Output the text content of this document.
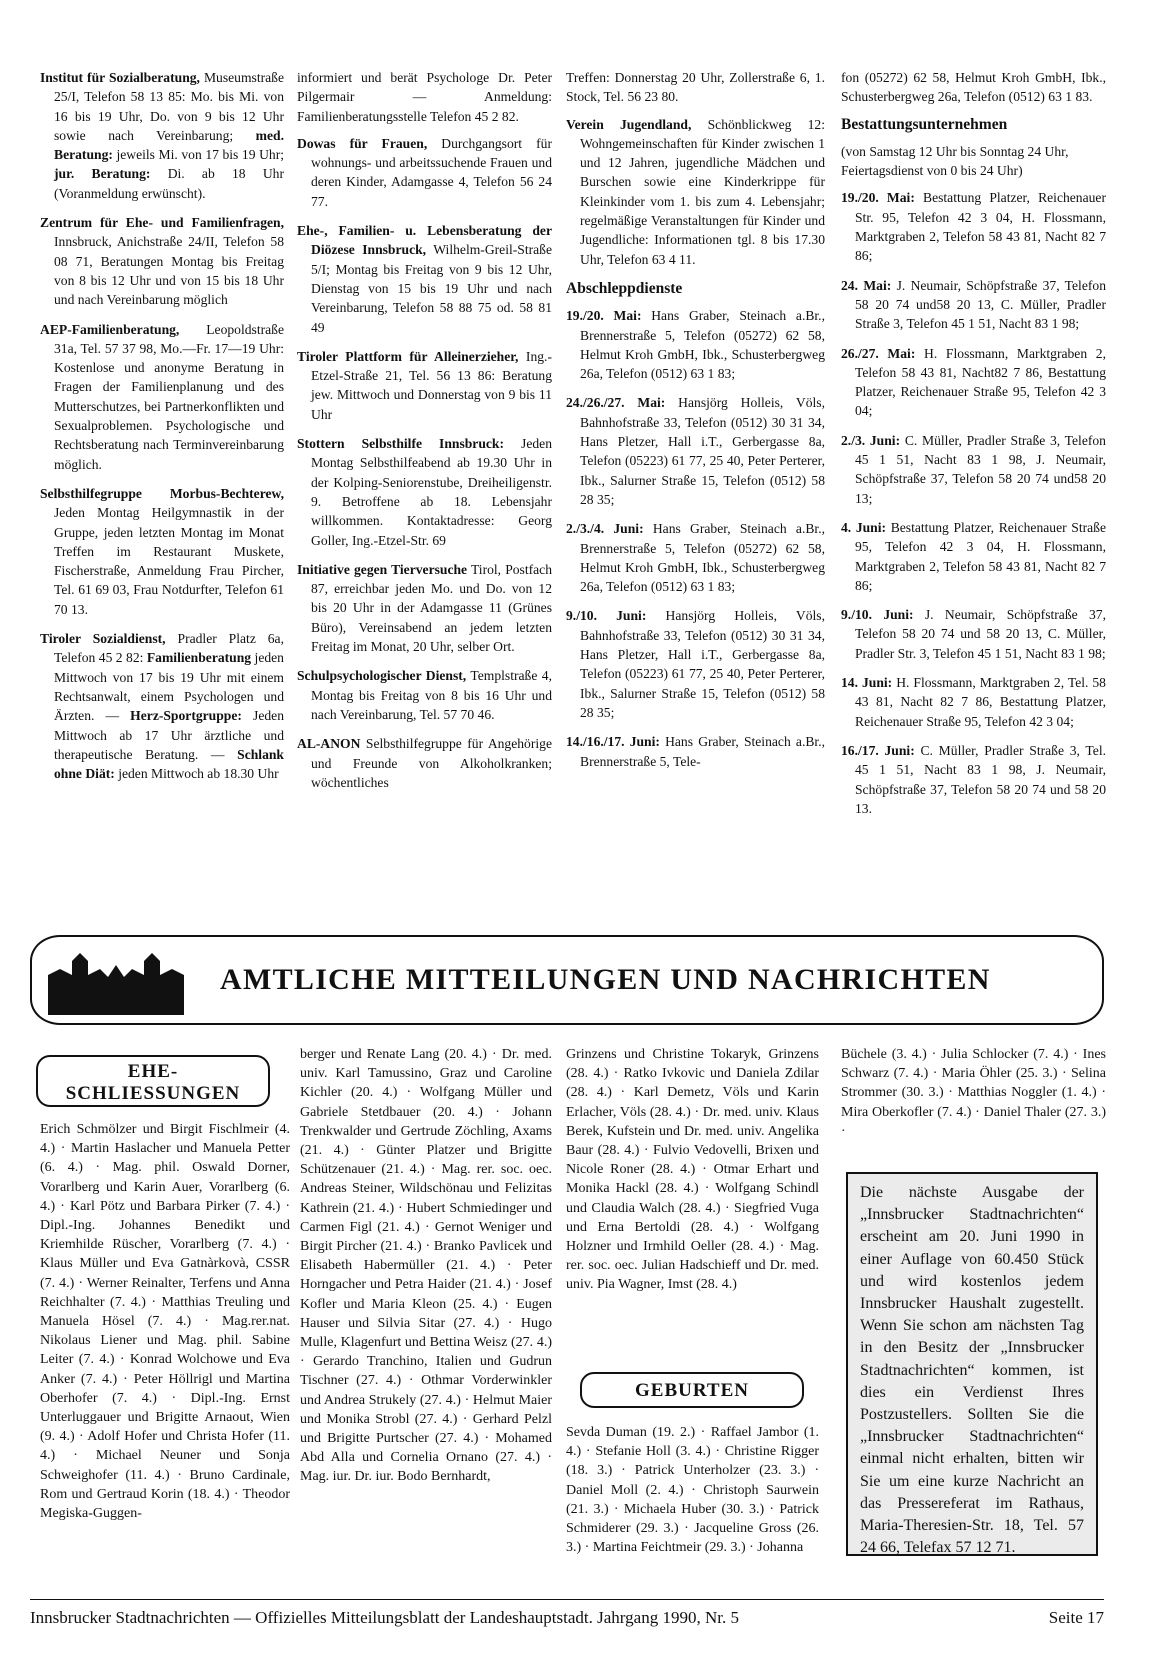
Institut für Sozialberatung, Museumstraße 25/I, Telefon 58 13 85: Mo. bis Mi. von 16 bis 19 Uhr, Do. von 9 bis 12 Uhr sowie nach Vereinbarung; med. Beratung: jeweils Mi. von 17 bis 19 Uhr; jur. Beratung: Di. ab 18 Uhr (Voranmeldung erwünscht).

Zentrum für Ehe- und Familienfragen, Innsbruck, Anichstraße 24/II, Telefon 58 08 71, Beratungen Montag bis Freitag von 8 bis 12 Uhr und von 15 bis 18 Uhr und nach Vereinbarung möglich

AEP-Familienberatung, Leopoldstraße 31a, Tel. 57 37 98, Mo.—Fr. 17—19 Uhr: Kostenlose und anonyme Beratung in Fragen der Familienplanung und des Mutterschutzes, bei Partnerkonflikten und Sexualproblemen. Psychologische und Rechtsberatung nach Terminvereinbarung möglich.

Selbsthilfegruppe Morbus-Bechterew, Jeden Montag Heilgymnastik in der Gruppe, jeden letzten Montag im Monat Treffen im Restaurant Muskete, Fischerstraße, Anmeldung Frau Pircher, Tel. 61 69 03, Frau Notdurfter, Telefon 61 70 13.

Tiroler Sozialdienst, Pradler Platz 6a, Telefon 45 2 82: Familienberatung jeden Mittwoch von 17 bis 19 Uhr mit einem Rechtsanwalt, einem Psychologen und Ärzten. — Herz-Sportgruppe: Jeden Mittwoch ab 17 Uhr ärztliche und therapeutische Beratung. — Schlank ohne Diät: jeden Mittwoch ab 18.30 Uhr

informiert und berät Psychologe Dr. Peter Pilgermair — Anmeldung: Familienberatungsstelle Telefon 45 2 82.

Dowas für Frauen, Durchgangsort für wohnungs- und arbeitssuchende Frauen und deren Kinder, Adamgasse 4, Telefon 56 24 77.

Ehe-, Familien- u. Lebensberatung der Diözese Innsbruck, Wilhelm-Greil-Straße 5/I; Montag bis Freitag von 9 bis 12 Uhr, Dienstag von 15 bis 19 Uhr und nach Vereinbarung, Telefon 58 88 75 od. 58 81 49

Tiroler Plattform für Alleinerzieher, Ing.-Etzel-Straße 21, Tel. 56 13 86: Beratung jew. Mittwoch und Donnerstag von 9 bis 11 Uhr

Stottern Selbsthilfe Innsbruck: Jeden Montag Selbsthilfeabend ab 19.30 Uhr in der Kolping-Seniorenstube, Dreiheiligenstr. 9. Betroffene ab 18. Lebensjahr willkommen. Kontaktadresse: Georg Goller, Ing.-Etzel-Str. 69

Initiative gegen Tierversuche Tirol, Postfach 87, erreichbar jeden Mo. und Do. von 12 bis 20 Uhr in der Adamgasse 11 (Grünes Büro), Vereinsabend an jedem letzten Freitag im Monat, 20 Uhr, selber Ort.

Schulpsychologischer Dienst, Templstraße 4, Montag bis Freitag von 8 bis 16 Uhr und nach Vereinbarung, Tel. 57 70 46.

AL-ANON Selbsthilfegruppe für Angehörige und Freunde von Alkoholkranken; wöchentliches

Treffen: Donnerstag 20 Uhr, Zollerstraße 6, 1. Stock, Tel. 56 23 80.

Verein Jugendland, Schönblickweg 12: Wohngemeinschaften für Kinder zwischen 1 und 12 Jahren, jugendliche Mädchen und Burschen sowie eine Kinderkrippe für Kleinkinder vom 1. bis zum 4. Lebensjahr; regelmäßige Veranstaltungen für Kinder und Jugendliche: Informationen tgl. 8 bis 17.30 Uhr, Telefon 63 4 11.

Abschleppdienste

19./20. Mai: Hans Graber, Steinach a.Br., Brennerstraße 5, Telefon (05272) 62 58, Helmut Kroh GmbH, Ibk., Schusterbergweg 26a, Telefon (0512) 63 1 83;

24./26./27. Mai: Hansjörg Holleis, Völs, Bahnhofstraße 33, Telefon (0512) 30 31 34, Hans Pletzer, Hall i.T., Gerbergasse 8a, Telefon (05223) 61 77, 25 40, Peter Perterer, Ibk., Salurner Straße 15, Telefon (0512) 58 28 35;

2./3./4. Juni: Hans Graber, Steinach a.Br., Brennerstraße 5, Telefon (05272) 62 58, Helmut Kroh GmbH, Ibk., Schusterbergweg 26a, Telefon (0512) 63 1 83;

9./10. Juni: Hansjörg Holleis, Völs, Bahnhofstraße 33, Telefon (0512) 30 31 34, Hans Pletzer, Hall i.T., Gerbergasse 8a, Telefon (05223) 61 77, 25 40, Peter Perterer, Ibk., Salurner Straße 15, Telefon (0512) 58 28 35;

14./16./17. Juni: Hans Graber, Steinach a.Br., Brennerstraße 5, Tele-

fon (05272) 62 58, Helmut Kroh GmbH, Ibk., Schusterbergweg 26a, Telefon (0512) 63 1 83.

Bestattungsunternehmen

(von Samstag 12 Uhr bis Sonntag 24 Uhr, Feiertagsdienst von 0 bis 24 Uhr)

19./20. Mai: Bestattung Platzer, Reichenauer Str. 95, Telefon 42 3 04, H. Flossmann, Marktgraben 2, Telefon 58 43 81, Nacht 82 7 86;

24. Mai: J. Neumair, Schöpfstraße 37, Telefon 58 20 74 und58 20 13, C. Müller, Pradler Straße 3, Telefon 45 1 51, Nacht 83 1 98;

26./27. Mai: H. Flossmann, Marktgraben 2, Telefon 58 43 81, Nacht82 7 86, Bestattung Platzer, Reichenauer Straße 95, Telefon 42 3 04;

2./3. Juni: C. Müller, Pradler Straße 3, Telefon 45 1 51, Nacht 83 1 98, J. Neumair, Schöpfstraße 37, Telefon 58 20 74 und58 20 13;

4. Juni: Bestattung Platzer, Reichenauer Straße 95, Telefon 42 3 04, H. Flossmann, Marktgraben 2, Telefon 58 43 81, Nacht 82 7 86;

9./10. Juni: J. Neumair, Schöpfstraße 37, Telefon 58 20 74 und 58 20 13, C. Müller, Pradler Str. 3, Telefon 45 1 51, Nacht 83 1 98;

14. Juni: H. Flossmann, Marktgraben 2, Tel. 58 43 81, Nacht 82 7 86, Bestattung Platzer, Reichenauer Straße 95, Telefon 42 3 04;

16./17. Juni: C. Müller, Pradler Straße 3, Tel. 45 1 51, Nacht 83 1 98, J. Neumair, Schöpfstraße 37, Telefon 58 20 74 und 58 20 13.

AMTLICHE MITTEILUNGEN UND NACHRICHTEN
EHE-
SCHLIESSUNGEN

Erich Schmölzer und Birgit Fischlmeir (4. 4.) · Martin Haslacher und Manuela Petter (6. 4.) · Mag. phil. Oswald Dorner, Vorarlberg und Karin Auer, Vorarlberg (6. 4.) · Karl Pötz und Barbara Pirker (7. 4.) · Dipl.-Ing. Johannes Benedikt und Kriemhilde Rüscher, Vorarlberg (7. 4.) · Klaus Müller und Eva Gatnàrkovà, CSSR (7. 4.) · Werner Reinalter, Terfens und Anna Reichhalter (7. 4.) · Matthias Treuling und Manuela Hösel (7. 4.) · Mag.rer.nat. Nikolaus Liener und Mag. phil. Sabine Leiter (7. 4.) · Konrad Wolchowe und Eva Anker (7. 4.) · Peter Höllrigl und Martina Oberhofer (7. 4.) · Dipl.-Ing. Ernst Unterluggauer und Brigitte Arnaout, Wien (9. 4.) · Adolf Hofer und Christa Hofer (11. 4.) · Michael Neuner und Sonja Schweighofer (11. 4.) · Bruno Cardinale, Rom und Gertraud Korin (18. 4.) · Theodor Megiska-Guggen-

berger und Renate Lang (20. 4.) · Dr. med. univ. Karl Tamussino, Graz und Caroline Kichler (20. 4.) · Wolfgang Müller und Gabriele Stetdbauer (20. 4.) · Johann Trenkwalder und Gertrude Zöchling, Axams (21. 4.) · Günter Platzer und Brigitte Schützenauer (21. 4.) · Mag. rer. soc. oec. Andreas Steiner, Wildschönau und Felizitas Kathrein (21. 4.) · Hubert Schmiedinger und Carmen Figl (21. 4.) · Gernot Weniger und Birgit Pircher (21. 4.) · Branko Pavlicek und Elisabeth Habermüller (21. 4.) · Peter Horngacher und Petra Haider (21. 4.) · Josef Kofler und Maria Kleon (25. 4.) · Eugen Hauser und Silvia Sitar (27. 4.) · Hugo Mulle, Klagenfurt und Bettina Weisz (27. 4.) · Gerardo Tranchino, Italien und Gudrun Tischner (27. 4.) · Othmar Vorderwinkler und Andrea Strukely (27. 4.) · Helmut Maier und Monika Strobl (27. 4.) · Gerhard Pelzl und Brigitte Purtscher (27. 4.) · Mohamed Abd Alla und Cornelia Ornano (27. 4.) · Mag. iur. Dr. iur. Bodo Bernhardt,

Grinzens und Christine Tokaryk, Grinzens (28. 4.) · Ratko Ivkovic und Daniela Zdilar (28. 4.) · Karl Demetz, Völs und Karin Erlacher, Völs (28. 4.) · Dr. med. univ. Klaus Berek, Kufstein und Dr. med. univ. Angelika Baur (28. 4.) · Fulvio Vedovelli, Brixen und Nicole Roner (28. 4.) · Otmar Erhart und Monika Hackl (28. 4.) · Wolfgang Schindl und Claudia Walch (28. 4.) · Siegfried Vuga und Erna Bertoldi (28. 4.) · Wolfgang Holzner und Irmhild Oeller (28. 4.) · Mag. rer. soc. oec. Julian Hadschieff und Dr. med. univ. Pia Wagner, Imst (28. 4.)

GEBURTEN

Sevda Duman (19. 2.) · Raffael Jambor (1. 4.) · Stefanie Holl (3. 4.) · Christine Rigger (18. 3.) · Patrick Unterholzer (23. 3.) · Daniel Moll (2. 4.) · Christoph Saurwein (21. 3.) · Michaela Huber (30. 3.) · Patrick Schmiderer (29. 3.) · Jacqueline Gross (26. 3.) · Martina Feichtmeir (29. 3.) · Johanna

Büchele (3. 4.) · Julia Schlocker (7. 4.) · Ines Schwarz (7. 4.) · Maria Öhler (25. 3.) · Selina Strommer (30. 3.) · Matthias Noggler (1. 4.) · Mira Oberkofler (7. 4.) · Daniel Thaler (27. 3.) ·

Die nächste Ausgabe der „Innsbrucker Stadtnachrichten“ erscheint am 20. Juni 1990 in einer Auflage von 60.450 Stück und wird kostenlos jedem Innsbrucker Haushalt zugestellt. Wenn Sie schon am nächsten Tag in den Besitz der „Innsbrucker Stadtnachrichten“ kommen, ist dies ein Verdienst Ihres Postzustellers. Sollten Sie die „Innsbrucker Stadtnachrichten“ einmal nicht erhalten, bitten wir Sie um eine kurze Nachricht an das Pressereferat im Rathaus, Maria-Theresien-Str. 18, Tel. 57 24 66, Telefax 57 12 71.
Innsbrucker Stadtnachrichten — Offizielles Mitteilungsblatt der Landeshauptstadt. Jahrgang 1990, Nr. 5	Seite 17
